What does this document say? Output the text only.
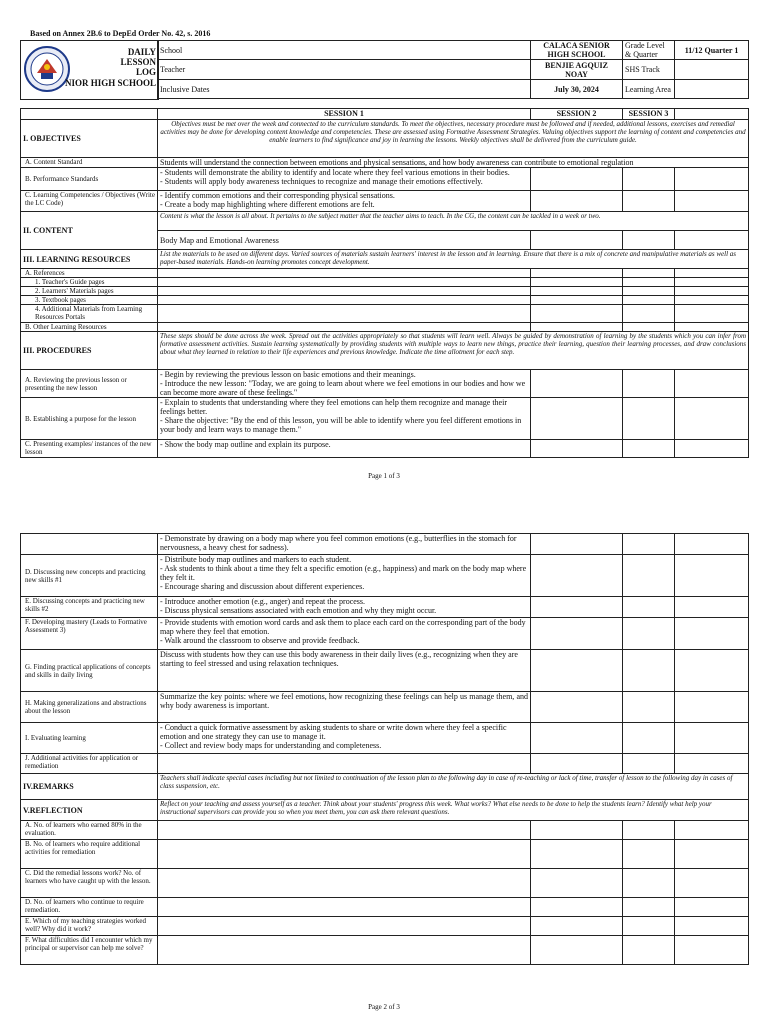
Based on Annex 2B.6 to DepEd Order No. 42, s. 2016
DAILY
LESSON
LOG
NIOR HIGH SCHOOL
School	CALACA SENIOR HIGH SCHOOL	Grade Level & Quarter	11/12 Quarter 1
Teacher	BENJIE AGQUIZ NOAY	SHS Track	
Inclusive Dates	July 30, 2024	Learning Area	
	SESSION 1	SESSION 2	SESSION 3	
I. OBJECTIVES	Objectives must be met over the week and connected to the curriculum standards. To meet the objectives, necessary procedure must be followed and if needed, additional lessons, exercises and remedial activities may be done for developing content knowledge and competencies. These are assessed using Formative Assessment Strategies. Valuing objectives support the learning of content and competencies and enable learners to find significance and joy in learning the lessons. Weekly objectives shall be delivered from the curriculum guide.			
A. Content Standard	Students will understand the connection between emotions and physical sensations, and how body awareness can contribute to emotional regulation			
B. Performance Standards	- Students will demonstrate the ability to identify and locate where they feel various emotions in their bodies.
- Students will apply body awareness techniques to recognize and manage their emotions effectively.			
C. Learning Competencies / Objectives (Write the LC Code)	- Identify common emotions and their corresponding physical sensations.
- Create a body map highlighting where different emotions are felt.			
II. CONTENT	Content is what the lesson is all about. It pertains to the subject matter that the teacher aims to teach. In the CG, the content can be tackled in a week or two.			
	Body Map and Emotional Awareness			
III. LEARNING RESOURCES	List the materials to be used on different days. Varied sources of materials sustain learners' interest in the lesson and in learning. Ensure that there is a mix of concrete and manipulative materials as well as paper-based materials. Hands-on learning promotes concept development.			
A. References				
1. Teacher's Guide pages				
2. Learners' Materials pages				
3. Textbook pages				
4. Additional Materials from Learning Resources Portals				
B. Other Learning Resources				
III. PROCEDURES	These steps should be done across the week. Spread out the activities appropriately so that students will learn well. Always be guided by demonstration of learning by the students which you can infer from formative assessment activities. Sustain learning systematically by providing students with multiple ways to learn new things, practice their learning, question their learning processes, and draw conclusions about what they learned in relation to their life experiences and previous knowledge. Indicate the time allotment for each step.			
A. Reviewing the previous lesson or presenting the new lesson	- Begin by reviewing the previous lesson on basic emotions and their meanings.
- Introduce the new lesson: "Today, we are going to learn about where we feel emotions in our bodies and how we can become more aware of these feelings."			
B. Establishing a purpose for the lesson	- Explain to students that understanding where they feel emotions can help them recognize and manage their feelings better.
- Share the objective: "By the end of this lesson, you will be able to identify where you feel different emotions in your body and learn ways to manage them."			
C. Presenting examples/ instances of the new lesson	- Show the body map outline and explain its purpose.			
Page 1 of 3
	- Demonstrate by drawing on a body map where you feel common emotions (e.g., butterflies in the stomach for nervousness, a heavy chest for sadness).			
D. Discussing new concepts and practicing new skills #1	- Distribute body map outlines and markers to each student.
- Ask students to think about a time they felt a specific emotion (e.g., happiness) and mark on the body map where they felt it.
- Encourage sharing and discussion about different experiences.			
E. Discussing concepts and practicing new skills #2	- Introduce another emotion (e.g., anger) and repeat the process.
- Discuss physical sensations associated with each emotion and why they might occur.			
F. Developing mastery (Leads to Formative Assessment 3)	- Provide students with emotion word cards and ask them to place each card on the corresponding part of the body map where they feel that emotion.
- Walk around the classroom to observe and provide feedback.			
G. Finding practical applications of concepts and skills in daily living	Discuss with students how they can use this body awareness in their daily lives (e.g., recognizing when they are starting to feel stressed and using relaxation techniques.			
H. Making generalizations and abstractions about the lesson	Summarize the key points: where we feel emotions, how recognizing these feelings can help us manage them, and why body awareness is important.			
I. Evaluating learning	- Conduct a quick formative assessment by asking students to share or write down where they feel a specific emotion and one strategy they can use to manage it.
- Collect and review body maps for understanding and completeness.			
J. Additional activities for application or remediation				
IV.REMARKS	Teachers shall indicate special cases including but not limited to continuation of the lesson plan to the following day in case of re-teaching or lack of time, transfer of lesson to the following day in cases of class suspension, etc.			
V.REFLECTION	Reflect on your teaching and assess yourself as a teacher. Think about your students' progress this week. What works? What else needs to be done to help the students learn? Identify what help your instructional supervisors can provide you so when you meet them, you can ask them relevant questions.			
A. No. of learners who earned 80% in the evaluation.				
B. No. of learners who require additional activities for remediation				
C. Did the remedial lessons work? No. of learners who have caught up with the lesson.				
D. No. of learners who continue to require remediation.				
E. Which of my teaching strategies worked well? Why did it work?				
F. What difficulties did I encounter which my principal or supervisor can help me solve?				
Page 2 of 3
